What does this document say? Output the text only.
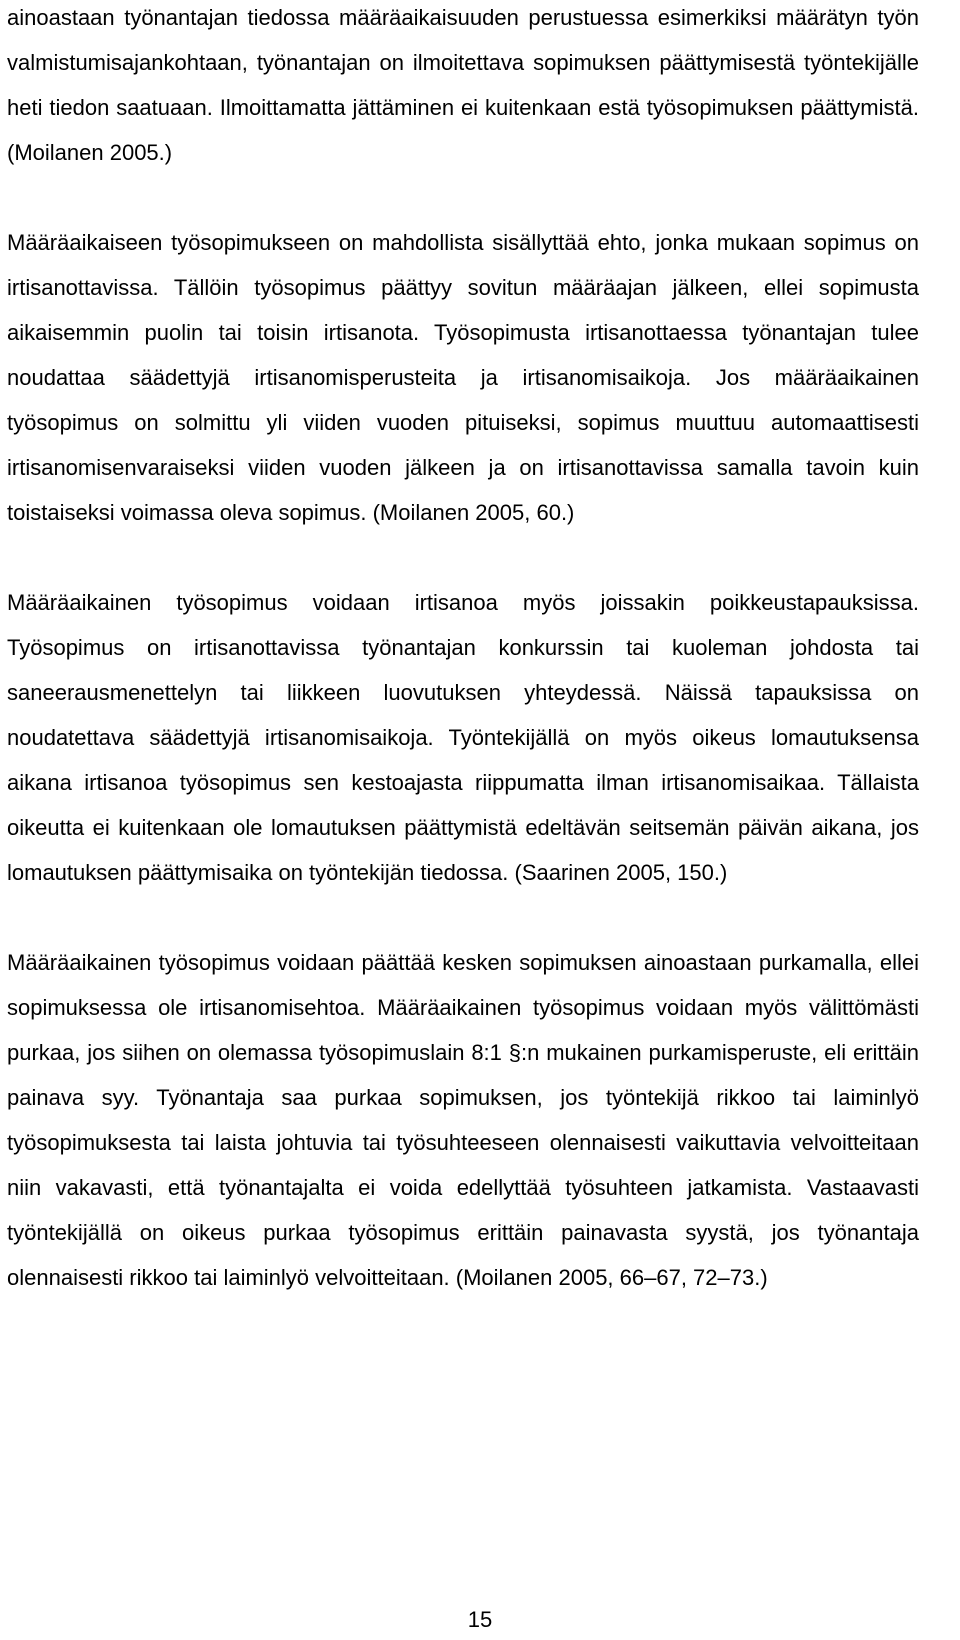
ainoastaan työnantajan tiedossa määräaikaisuuden perustuessa esimerkiksi määrätyn työn valmistumisajankohtaan, työnantajan on ilmoitettava sopimuksen päättymisestä työntekijälle heti tiedon saatuaan. Ilmoittamatta jättäminen ei kuitenkaan estä työsopimuksen päättymistä. (Moilanen 2005.)

Määräaikaiseen työsopimukseen on mahdollista sisällyttää ehto, jonka mukaan sopimus on irtisanottavissa. Tällöin työsopimus päättyy sovitun määräajan jälkeen, ellei sopimusta aikaisemmin puolin tai toisin irtisanota. Työsopimusta irtisanottaessa työnantajan tulee noudattaa säädettyjä irtisanomisperusteita ja irtisanomisaikoja. Jos määräaikainen työsopimus on solmittu yli viiden vuoden pituiseksi, sopimus muuttuu automaattisesti irtisanomisenvaraiseksi viiden vuoden jälkeen ja on irtisanottavissa samalla tavoin kuin toistaiseksi voimassa oleva sopimus. (Moilanen 2005, 60.)

Määräaikainen työsopimus voidaan irtisanoa myös joissakin poikkeustapauksissa. Työsopimus on irtisanottavissa työnantajan konkurssin tai kuoleman johdosta tai saneerausmenettelyn tai liikkeen luovutuksen yhteydessä. Näissä tapauksissa on noudatettava säädettyjä irtisanomisaikoja. Työntekijällä on myös oikeus lomautuksensa aikana irtisanoa työsopimus sen kestoajasta riippumatta ilman irtisanomisaikaa. Tällaista oikeutta ei kuitenkaan ole lomautuksen päättymistä edeltävän seitsemän päivän aikana, jos lomautuksen päättymisaika on työntekijän tiedossa. (Saarinen 2005, 150.)

Määräaikainen työsopimus voidaan päättää kesken sopimuksen ainoastaan purkamalla, ellei sopimuksessa ole irtisanomisehtoa. Määräaikainen työsopimus voidaan myös välittömästi purkaa, jos siihen on olemassa työsopimuslain 8:1 §:n mukainen purkamisperuste, eli erittäin painava syy. Työnantaja saa purkaa sopimuksen, jos työntekijä rikkoo tai laiminlyö työsopimuksesta tai laista johtuvia tai työsuhteeseen olennaisesti vaikuttavia velvoitteitaan niin vakavasti, että työnantajalta ei voida edellyttää työsuhteen jatkamista. Vastaavasti työntekijällä on oikeus purkaa työsopimus erittäin painavasta syystä, jos työnantaja olennaisesti rikkoo tai laiminlyö velvoitteitaan. (Moilanen 2005, 66–67, 72–73.)

15
